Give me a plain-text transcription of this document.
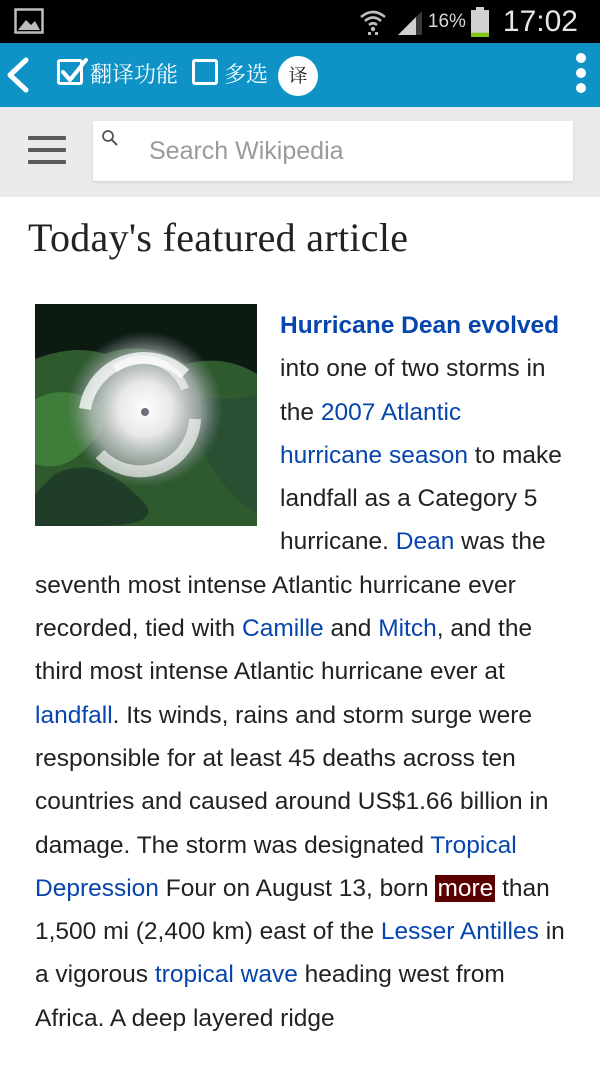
16% 17:02
翻译功能 多选	译
Search Wikipedia
Today's featured article
Hurricane Dean evolved into one of two storms in the 2007 Atlantic hurricane season to make landfall as a Category 5 hurricane. Dean was the seventh most intense Atlantic hurricane ever recorded, tied with Camille and Mitch, and the third most intense Atlantic hurricane ever at landfall. Its winds, rains and storm surge were responsible for at least 45 deaths across ten countries and caused around US$1.66 billion in damage. The storm was designated Tropical Depression Four on August 13, born more than 1,500 mi (2,400 km) east of the Lesser Antilles in a vigorous tropical wave heading west from Africa. A deep layered ridge
